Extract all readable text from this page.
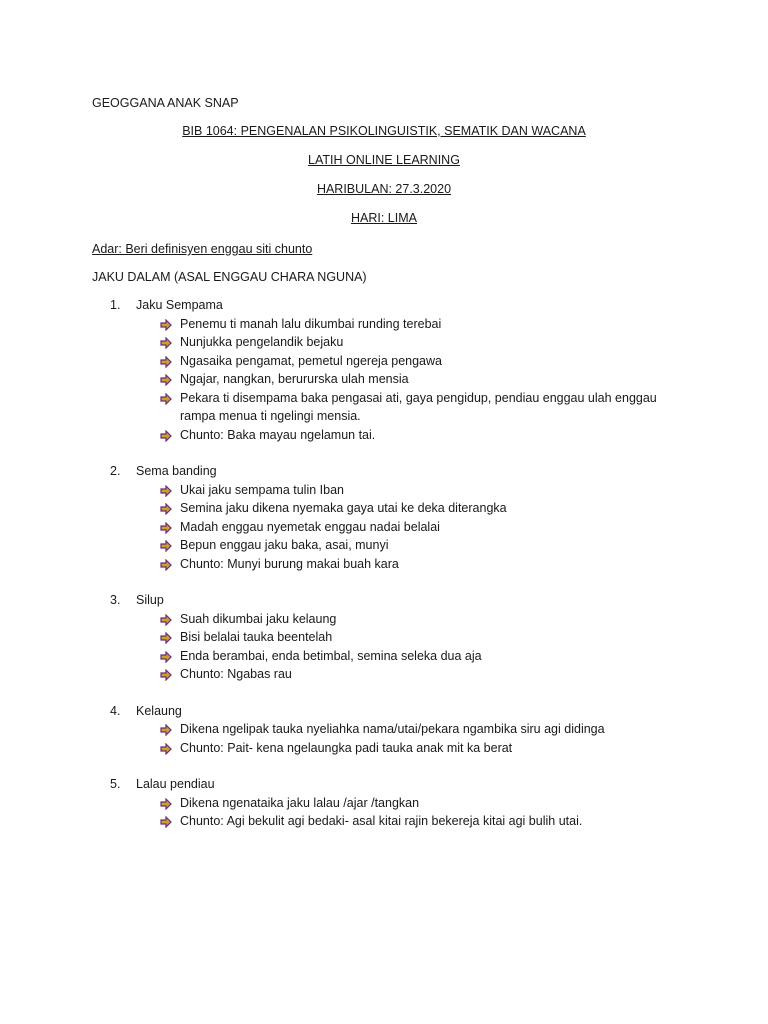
GEOGGANA ANAK SNAP
BIB 1064: PENGENALAN PSIKOLINGUISTIK, SEMATIK DAN WACANA
LATIH ONLINE LEARNING
HARIBULAN: 27.3.2020
HARI: LIMA
Adar: Beri definisyen enggau siti chunto
JAKU DALAM (ASAL ENGGAU CHARA NGUNA)
1.	Jaku Sempama
Penemu ti manah lalu dikumbai runding terebai
Nunjukka pengelandik bejaku
Ngasaika pengamat, pemetul ngereja pengawa
Ngajar, nangkan, berururska ulah mensia
Pekara ti disempama baka pengasai ati, gaya pengidup, pendiau enggau ulah enggau rampa menua ti ngelingi mensia.
Chunto: Baka mayau ngelamun tai.
2.	Sema banding
Ukai jaku sempama tulin Iban
Semina jaku dikena nyemaka gaya utai ke deka diterangka
Madah enggau nyemetak enggau nadai belalai
Bepun enggau jaku baka, asai, munyi
Chunto: Munyi burung makai buah kara
3.	Silup
Suah dikumbai jaku kelaung
Bisi belalai tauka beentelah
Enda berambai, enda betimbal, semina seleka dua aja
Chunto: Ngabas rau
4.	Kelaung
Dikena ngelipak tauka nyeliahka nama/utai/pekara ngambika siru agi didinga
Chunto: Pait- kena ngelaungka padi tauka anak mit ka berat
5.	Lalau pendiau
Dikena ngenataika jaku lalau /ajar /tangkan
Chunto: Agi bekulit agi bedaki- asal kitai rajin bekereja kitai agi bulih utai.
